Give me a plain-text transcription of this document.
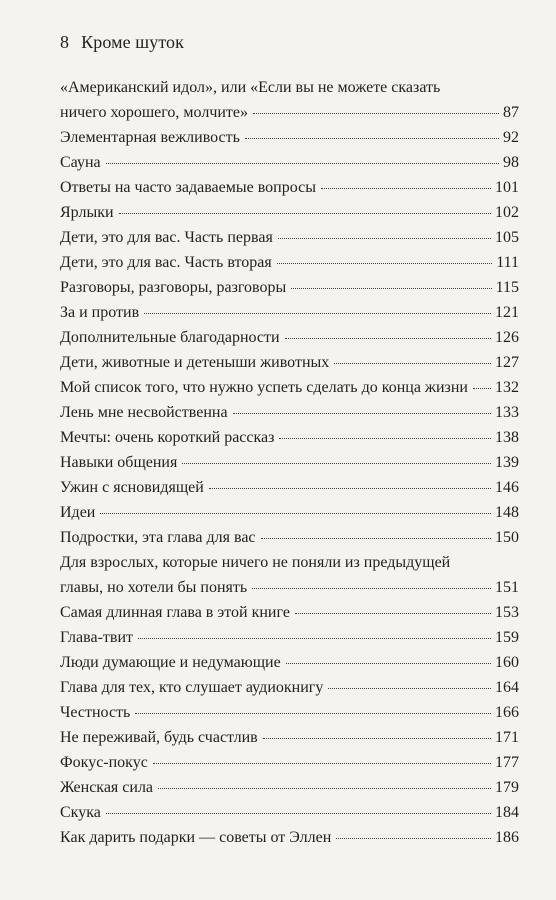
8 Кроме шуток
«Американский идол», или «Если вы не можете сказать
ничего хорошего, молчите»	87
Элементарная вежливость	92
Сауна	98
Ответы на часто задаваемые вопросы	101
Ярлыки	102
Дети, это для вас. Часть первая	105
Дети, это для вас. Часть вторая	111
Разговоры, разговоры, разговоры	115
За и против	121
Дополнительные благодарности	126
Дети, животные и детеныши животных	127
Мой список того, что нужно успеть сделать до конца жизни 132
Лень мне несвойственна	133
Мечты: очень короткий рассказ	138
Навыки общения	139
Ужин с ясновидящей	146
Идеи	148
Подростки, эта глава для вас	150
Для взрослых, которые ничего не поняли из предыдущей
главы, но хотели бы понять	151
Самая длинная глава в этой книге	153
Глава-твит	159
Люди думающие и недумающие	160
Глава для тех, кто слушает аудиокнигу	164
Честность	166
Не переживай, будь счастлив	171
Фокус-покус	177
Женская сила	179
Скука	184
Как дарить подарки — советы от Эллен	186
